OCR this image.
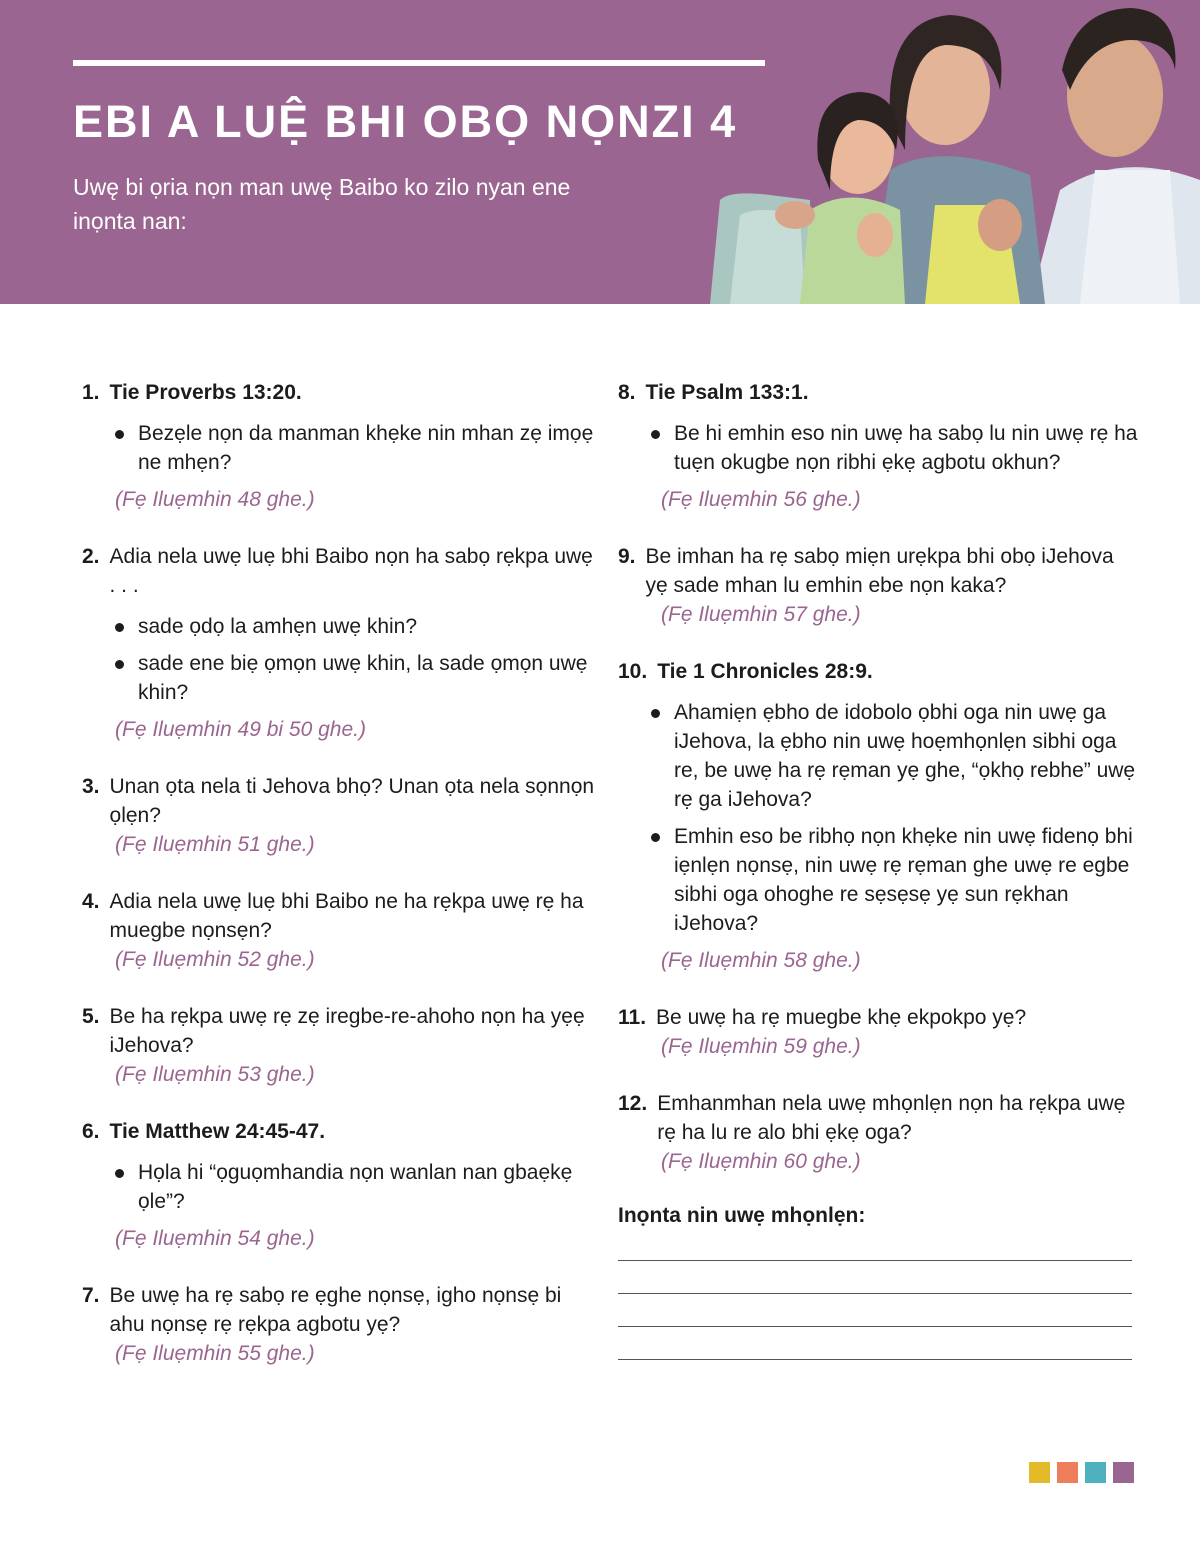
EBI A LUỆ BHI OBỌ NỌNZI 4
Uwę bi ọria nọn man uwę Baibo ko zilo nyan ene inọnta nan:
1. Tie Proverbs 13:20.
Bezẹle nọn da manman khẹke nin mhan zẹ imọẹ ne mhẹn?
(Fẹ Iluẹmhin 48 ghe.)
2. Adia nela uwẹ luẹ bhi Baibo nọn ha sabọ rẹkpa uwẹ . . .
sade ọdọ la amhẹn uwẹ khin?
sade ene biẹ ọmọn uwẹ khin, la sade ọmọn uwẹ khin?
(Fẹ Iluẹmhin 49 bi 50 ghe.)
3. Unan ọta nela ti Jehova bhọ? Unan ọta nela sọnnọn ọlẹn?
(Fẹ Iluẹmhin 51 ghe.)
4. Adia nela uwẹ luẹ bhi Baibo ne ha rẹkpa uwẹ rẹ ha muegbe nọnsẹn?
(Fẹ Iluẹmhin 52 ghe.)
5. Be ha rẹkpa uwẹ rẹ zẹ iregbe-re-ahoho nọn ha yẹẹ iJehova?
(Fẹ Iluẹmhin 53 ghe.)
6. Tie Matthew 24:45-47.
Họla hi “ọguọmhandia nọn wanlan nan gbaẹkẹ ọle”?
(Fẹ Iluẹmhin 54 ghe.)
7. Be uwẹ ha rẹ sabọ re ẹghe nọnsẹ, igho nọnsẹ bi ahu nọnsẹ rẹ rẹkpa agbotu yẹ?
(Fẹ Iluẹmhin 55 ghe.)
8. Tie Psalm 133:1.
Be hi emhin eso nin uwẹ ha sabọ lu nin uwẹ rẹ ha tuẹn okugbe nọn ribhi ẹkẹ agbotu okhun?
(Fẹ Iluẹmhin 56 ghe.)
9. Be imhan ha rẹ sabọ miẹn urẹkpa bhi obọ iJehova yẹ sade mhan lu emhin ebe nọn kaka?
(Fẹ Iluẹmhin 57 ghe.)
10. Tie 1 Chronicles 28:9.
Ahamiẹn ẹbho de idobolo ọbhi oga nin uwẹ ga iJehova, la ẹbho nin uwẹ hoẹmhọnlẹn sibhi oga re, be uwẹ ha rẹ rẹman yẹ ghe, “ọkhọ rebhe” uwẹ rẹ ga iJehova?
Emhin eso be ribhọ nọn khẹke nin uwẹ fidenọ bhi iẹnlẹn nọnsẹ, nin uwẹ rẹ rẹman ghe uwẹ re egbe sibhi oga ohoghe re sẹsẹsẹ yẹ sun rẹkhan iJehova?
(Fẹ Iluẹmhin 58 ghe.)
11. Be uwẹ ha rẹ muegbe khẹ ekpokpo yẹ?
(Fẹ Iluẹmhin 59 ghe.)
12. Emhanmhan nela uwẹ mhọnlẹn nọn ha rẹkpa uwẹ rẹ ha lu re alo bhi ẹkẹ oga?
(Fẹ Iluẹmhin 60 ghe.)
Inọnta nin uwẹ mhọnlẹn:
